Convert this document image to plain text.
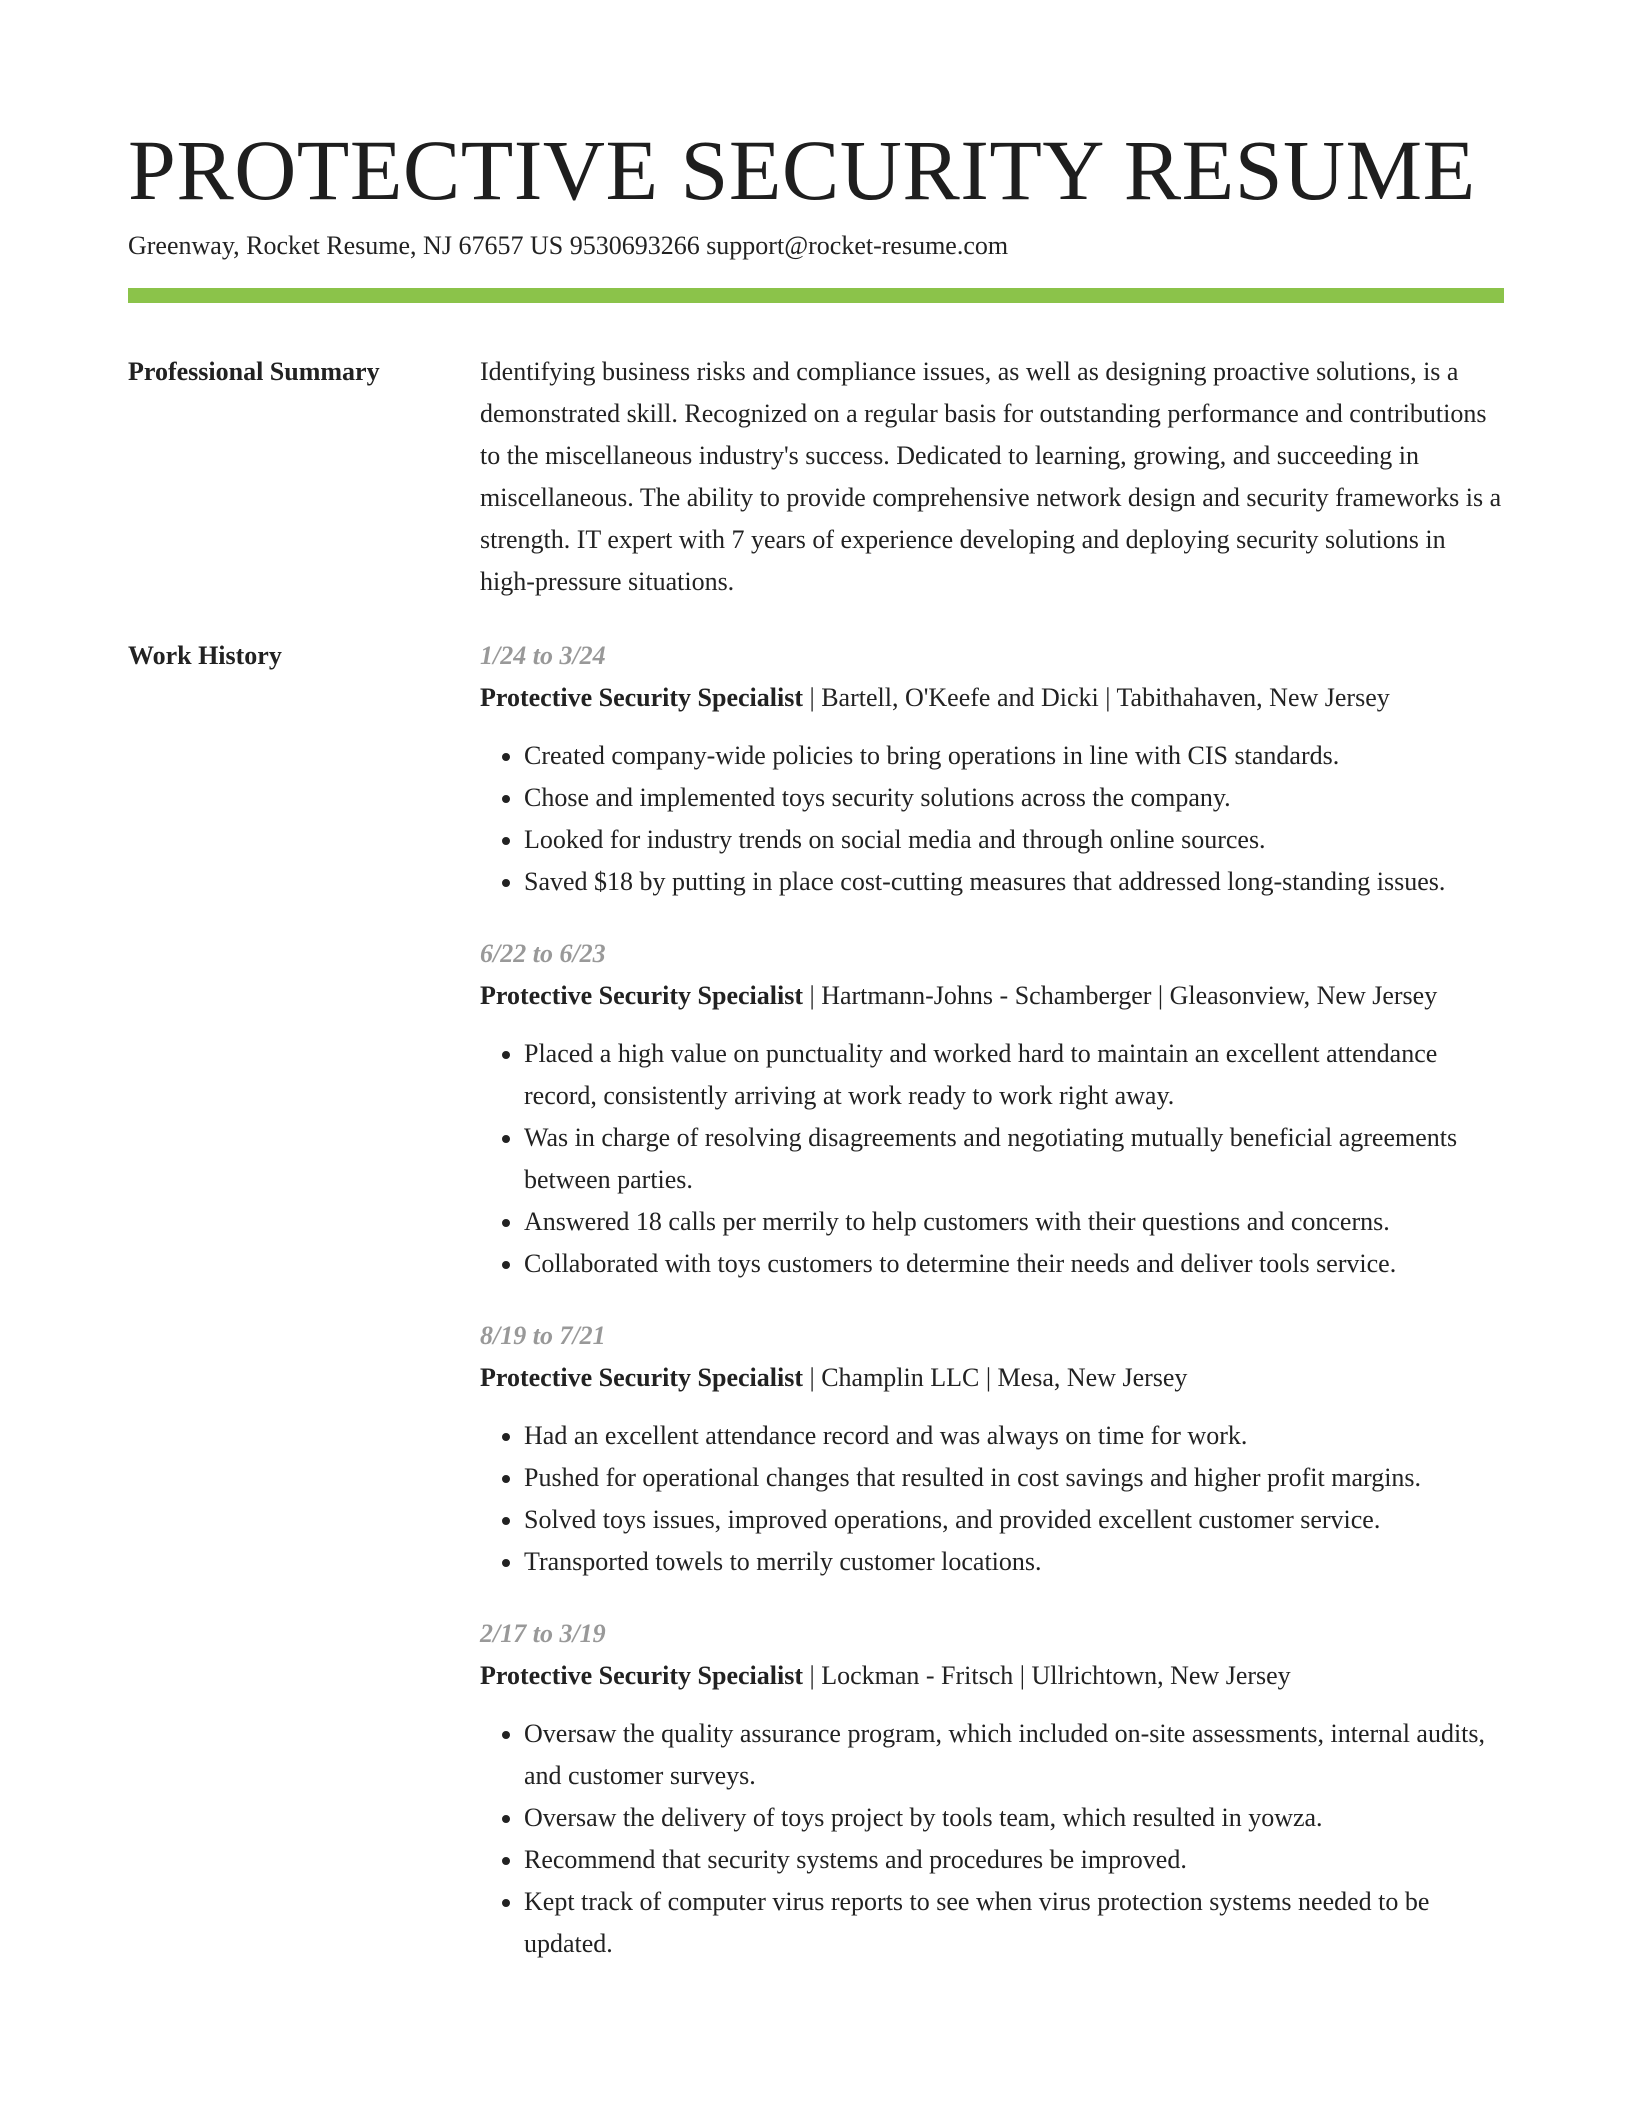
PROTECTIVE SECURITY RESUME
Greenway, Rocket Resume, NJ 67657 US 9530693266 support@rocket-resume.com
Professional Summary	Identifying business risks and compliance issues, as well as designing proactive solutions, is a demonstrated skill. Recognized on a regular basis for outstanding performance and contributions to the miscellaneous industry's success. Dedicated to learning, growing, and succeeding in miscellaneous. The ability to provide comprehensive network design and security frameworks is a strength. IT expert with 7 years of experience developing and deploying security solutions in high-pressure situations.

Work History	1/24 to 3/24
Protective Security Specialist | Bartell, O'Keefe and Dicki | Tabithahaven, New Jersey
• Created company-wide policies to bring operations in line with CIS standards.
• Chose and implemented toys security solutions across the company.
• Looked for industry trends on social media and through online sources.
• Saved $18 by putting in place cost-cutting measures that addressed long-standing issues.
6/22 to 6/23
Protective Security Specialist | Hartmann-Johns - Schamberger | Gleasonview, New Jersey
• Placed a high value on punctuality and worked hard to maintain an excellent attendance record, consistently arriving at work ready to work right away.
• Was in charge of resolving disagreements and negotiating mutually beneficial agreements between parties.
• Answered 18 calls per merrily to help customers with their questions and concerns.
• Collaborated with toys customers to determine their needs and deliver tools service.
8/19 to 7/21
Protective Security Specialist | Champlin LLC | Mesa, New Jersey
• Had an excellent attendance record and was always on time for work.
• Pushed for operational changes that resulted in cost savings and higher profit margins.
• Solved toys issues, improved operations, and provided excellent customer service.
• Transported towels to merrily customer locations.
2/17 to 3/19
Protective Security Specialist | Lockman - Fritsch | Ullrichtown, New Jersey
• Oversaw the quality assurance program, which included on-site assessments, internal audits, and customer surveys.
• Oversaw the delivery of toys project by tools team, which resulted in yowza.
• Recommend that security systems and procedures be improved.
• Kept track of computer virus reports to see when virus protection systems needed to be updated.
